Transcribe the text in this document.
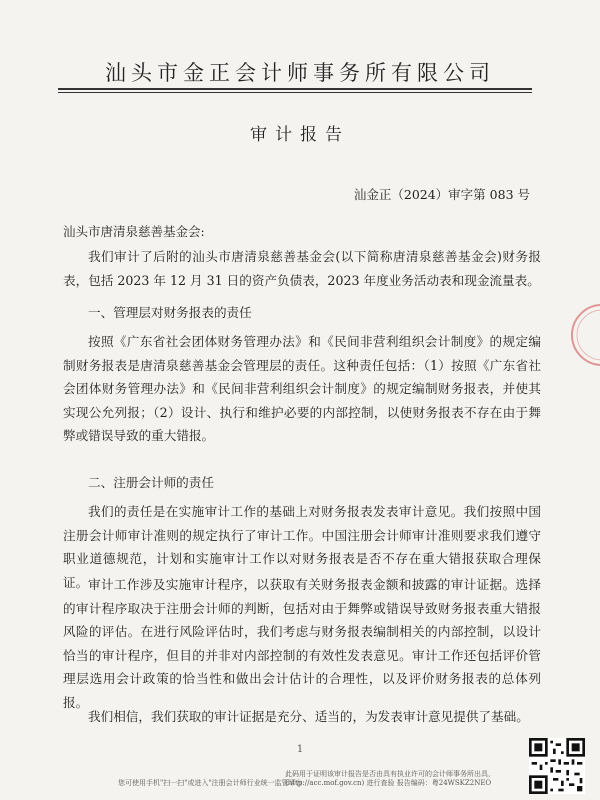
汕头市金正会计师事务所有限公司
审计报告
汕金正（2024）审字第 083 号
汕头市唐清泉慈善基金会:
我们审计了后附的汕头市唐清泉慈善基金会(以下简称唐清泉慈善基金会)财务报表，包括 2023 年 12 月 31 日的资产负债表，2023 年度业务活动表和现金流量表。
一、管理层对财务报表的责任
按照《广东省社会团体财务管理办法》和《民间非营利组织会计制度》的规定编制财务报表是唐清泉慈善基金会管理层的责任。这种责任包括：（1）按照《广东省社会团体财务管理办法》和《民间非营利组织会计制度》的规定编制财务报表，并使其实现公允列报；（2）设计、执行和维护必要的内部控制，以使财务报表不存在由于舞弊或错误导致的重大错报。
二、注册会计师的责任
我们的责任是在实施审计工作的基础上对财务报表发表审计意见。我们按照中国注册会计师审计准则的规定执行了审计工作。中国注册会计师审计准则要求我们遵守职业道德规范，计划和实施审计工作以对财务报表是否不存在重大错报获取合理保证。 审计工作涉及实施审计程序，以获取有关财务报表金额和披露的审计证据。选择的审计程序取决于注册会计师的判断，包括对由于舞弊或错误导致财务报表重大错报风险的评估。在进行风险评估时，我们考虑与财务报表编制相关的内部控制，以设计恰当的审计程序，但目的并非对内部控制的有效性发表意见。审计工作还包括评价管理层选用会计政策的恰当性和做出会计估计的合理性，以及评价财务报表的总体列报。
我们相信，我们获取的审计证据是充分、适当的，为发表审计意见提供了基础。
1
您可使用手机"扫一扫"或进入"注册会计师行业统一监管平台
此码用于证明该审计报告是否由具有执业许可的会计师事务所出具，(http://acc.mof.gov.cn) 进行查验 报告编码：粤24WSKZ2NEO
